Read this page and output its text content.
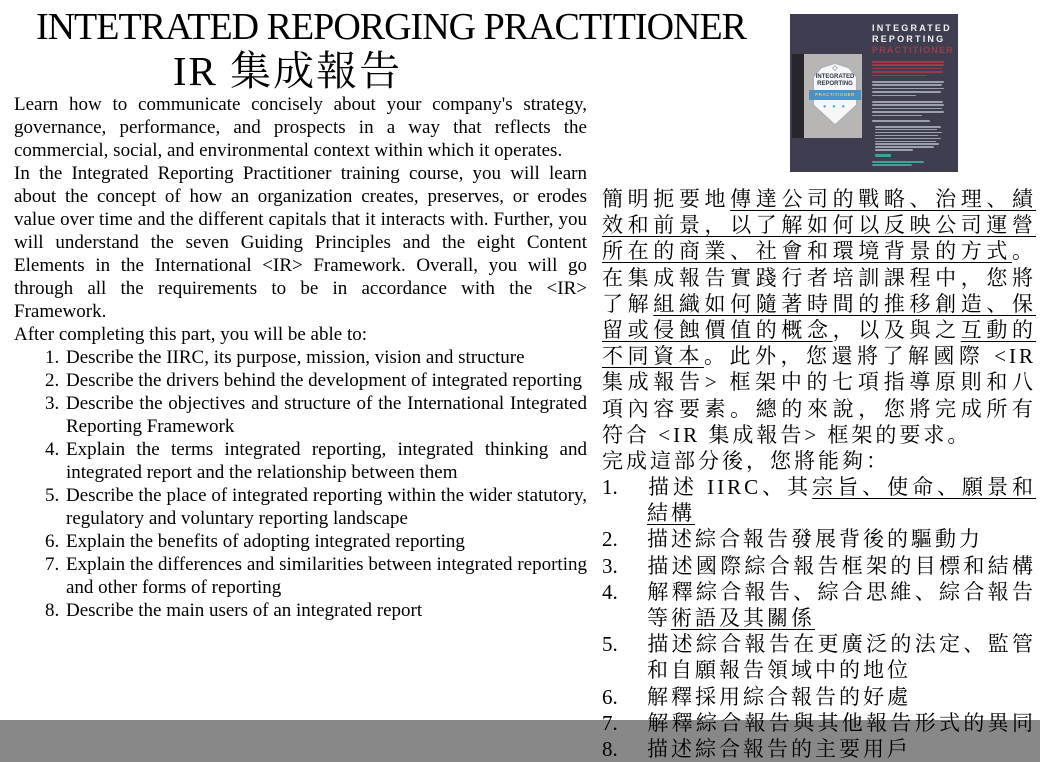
INTETRATED REPORGING PRACTITIONER
IR 集成報告
INTEGRATED
REPORTING
PRACTITIONER
◇
INTEGRATED
REPORTING
PRACTITIONER
● ● ●

Learn how to communicate concisely about your company's strategy, governance, performance, and prospects in a way that reflects the commercial, social, and environmental context within which it operates.

In the Integrated Reporting Practitioner training course, you will learn about the concept of how an organization creates, preserves, or erodes value over time and the different capitals that it interacts with. Further, you will understand the seven Guiding Principles and the eight Content Elements in the International <IR> Framework. Overall, you will go through all the requirements to be in accordance with the <IR> Framework.

After completing this part, you will be able to:

1. Describe the IIRC, its purpose, mission, vision and structure
2. Describe the drivers behind the development of integrated reporting
3. Describe the objectives and structure of the International Integrated Reporting Framework
4. Explain the terms integrated reporting, integrated thinking and integrated report and the relationship between them
5. Describe the place of integrated reporting within the wider statutory, regulatory and voluntary reporting landscape
6. Explain the benefits of adopting integrated reporting
7. Explain the differences and similarities between integrated reporting and other forms of reporting
8. Describe the main users of an integrated report
簡明扼要地傳達公司的戰略、治理、績
效和前景，以了解如何以反映公司運營
所在的商業、社會和環境背景的方式。
在集成報告實踐行者培訓課程中，您將
了解組織如何隨著時間的推移創造、保
留或侵蝕價值的概念，以及與之互動的
不同資本。此外，您還將了解國際 <IR
集成報告> 框架中的七項指導原則和八
項內容要素。總的來說，您將完成所有
符合 <IR 集成報告> 框架的要求。
完成這部分後，您將能夠：
1. 描述 IIRC、其宗旨、使命、願景和
結構
2. 描述綜合報告發展背後的驅動力
3. 描述國際綜合報告框架的目標和結構
4. 解釋綜合報告、綜合思維、綜合報告
等術語及其關係
5. 描述綜合報告在更廣泛的法定、監管
和自願報告領域中的地位
6. 解釋採用綜合報告的好處
7. 解釋綜合報告與其他報告形式的異同
8. 描述綜合報告的主要用戶
